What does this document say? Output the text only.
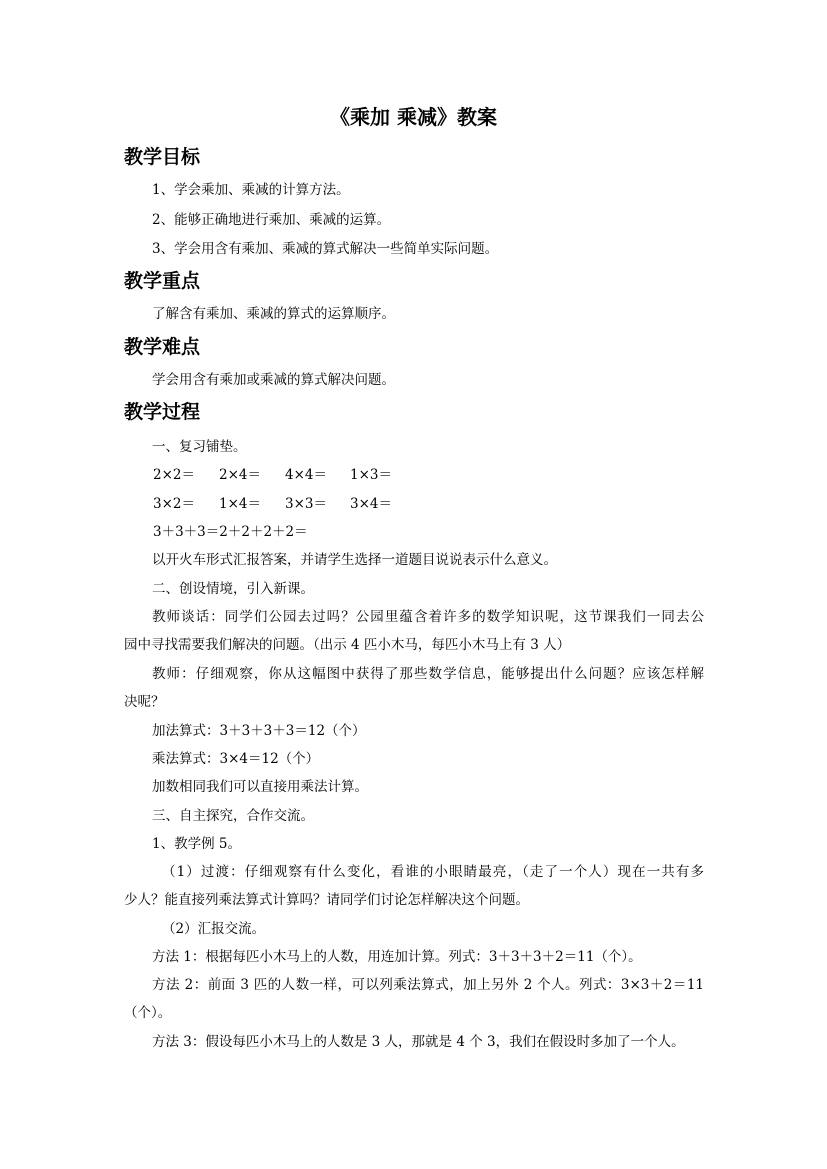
《乘加 乘减》教案
教学目标
1、学会乘加、乘减的计算方法。
2、能够正确地进行乘加、乘减的运算。
3、学会用含有乘加、乘减的算式解决一些简单实际问题。
教学重点
了解含有乘加、乘减的算式的运算顺序。
教学难点
学会用含有乘加或乘减的算式解决问题。
教学过程
一、复习铺垫。
2×2＝ 2×4＝ 4×4＝ 1×3＝
3×2＝ 1×4＝ 3×3＝ 3×4＝
3＋3＋3＝2＋2＋2＋2＝
以开火车形式汇报答案，并请学生选择一道题目说说表示什么意义。
二、创设情境，引入新课。
教师谈话：同学们公园去过吗？公园里蕴含着许多的数学知识呢，这节课我们一同去公
园中寻找需要我们解决的问题。（出示 4 匹小木马，每匹小木马上有 3 人）
教师：仔细观察，你从这幅图中获得了那些数学信息，能够提出什么问题？应该怎样解
决呢？
加法算式：3＋3＋3＋3＝12（个）
乘法算式：3×4＝12（个）
加数相同我们可以直接用乘法计算。
三、自主探究，合作交流。
1、教学例 5。
（1）过渡：仔细观察有什么变化，看谁的小眼睛最亮，（走了一个人）现在一共有多
少人？能直接列乘法算式计算吗？请同学们讨论怎样解决这个问题。
（2）汇报交流。
方法 1：根据每匹小木马上的人数，用连加计算。列式：3＋3＋3＋2＝11（个）。
方法 2：前面 3 匹的人数一样，可以列乘法算式，加上另外 2 个人。列式：3×3＋2＝11
（个）。
方法 3：假设每匹小木马上的人数是 3 人，那就是 4 个 3，我们在假设时多加了一个人。
